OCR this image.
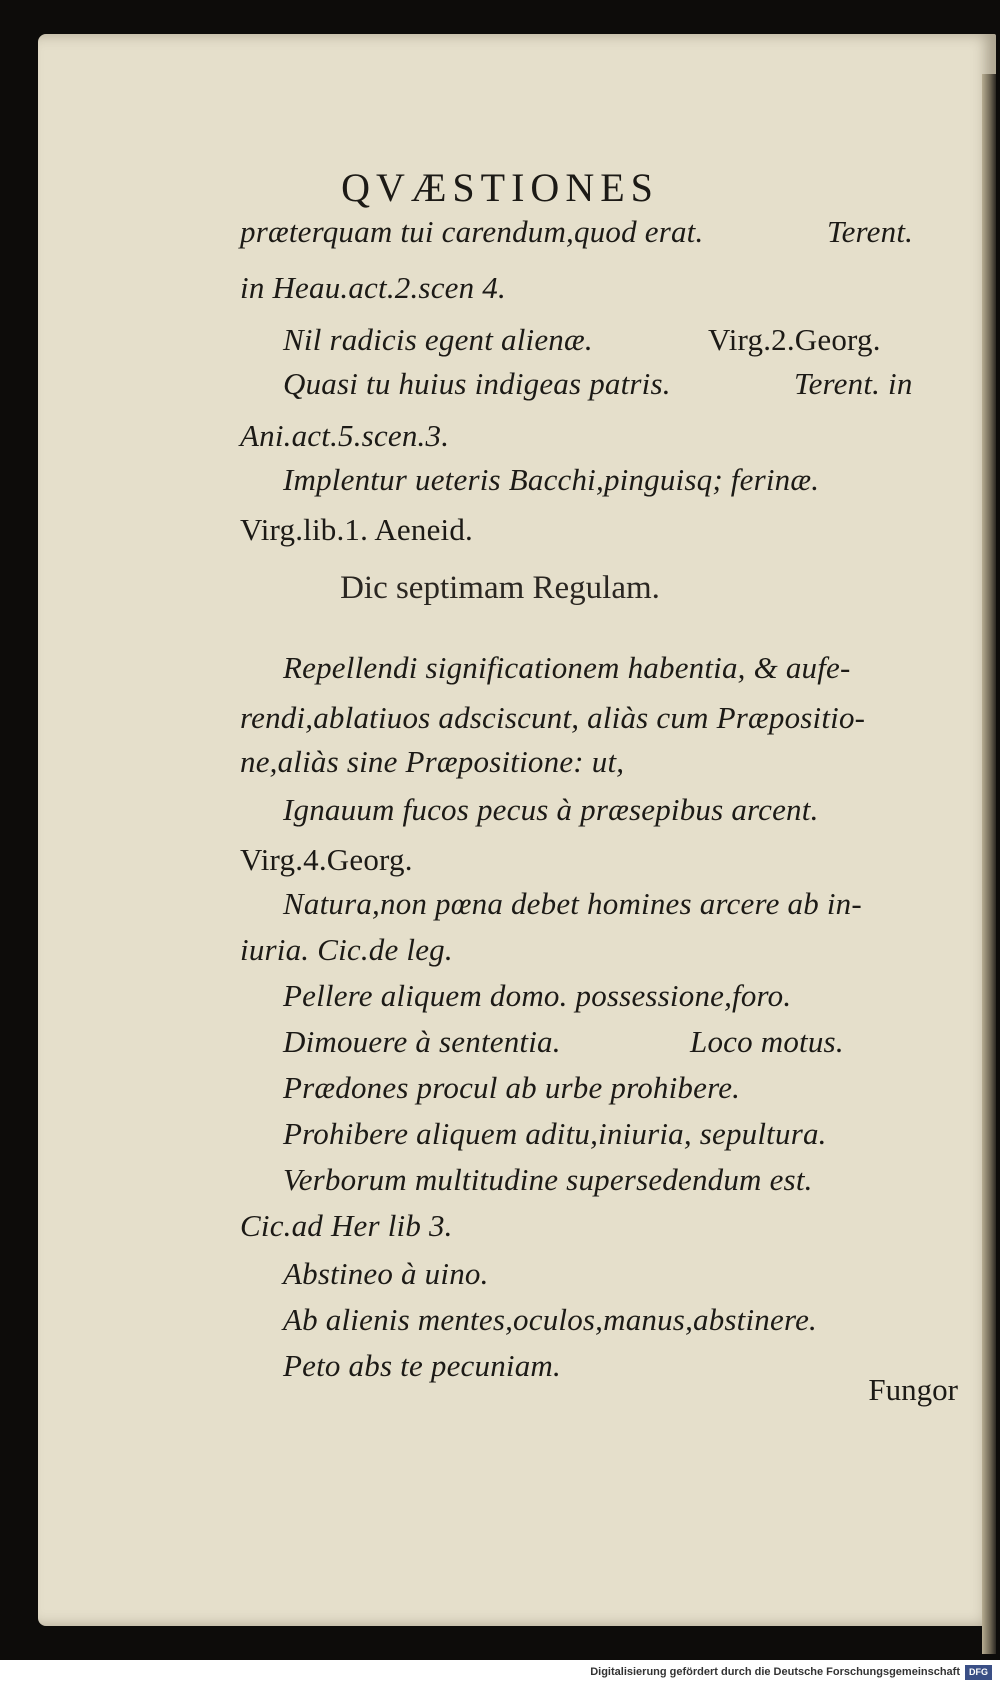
QVÆSTIONES
præterquam tui carendum,quod erat.	Terent.
in Heau.act.2.scen 4.
Nil radicis egent alienæ.	Virg.2.Georg.
Quasi tu huius indigeas patris.	Terent. in
Ani.act.5.scen.3.
Implentur ueteris Bacchi,pinguisq; ferinæ.
Virg.lib.1. Aeneid.
Dic septimam Regulam.
Repellendi significationem habentia, & aufe-
rendi,ablatiuos adsciscunt, aliàs cum Præpositio-
ne,aliàs sine Præpositione: ut,
Ignauum fucos pecus à præsepibus arcent.
Virg.4.Georg.
Natura,non pœna debet homines arcere ab in-
iuria. Cic.de leg.
Pellere aliquem domo. possessione,foro.
Dimouere à sententia.	Loco motus.
Prædones procul ab urbe prohibere.
Prohibere aliquem aditu,iniuria, sepultura.
Verborum multitudine supersedendum est.
Cic.ad Her lib 3.
Abstineo à uino.
Ab alienis mentes,oculos,manus,abstinere.
Peto abs te pecuniam.
Fungor
Digitalisierung gefördert durch die Deutsche Forschungsgemeinschaft	DFG
